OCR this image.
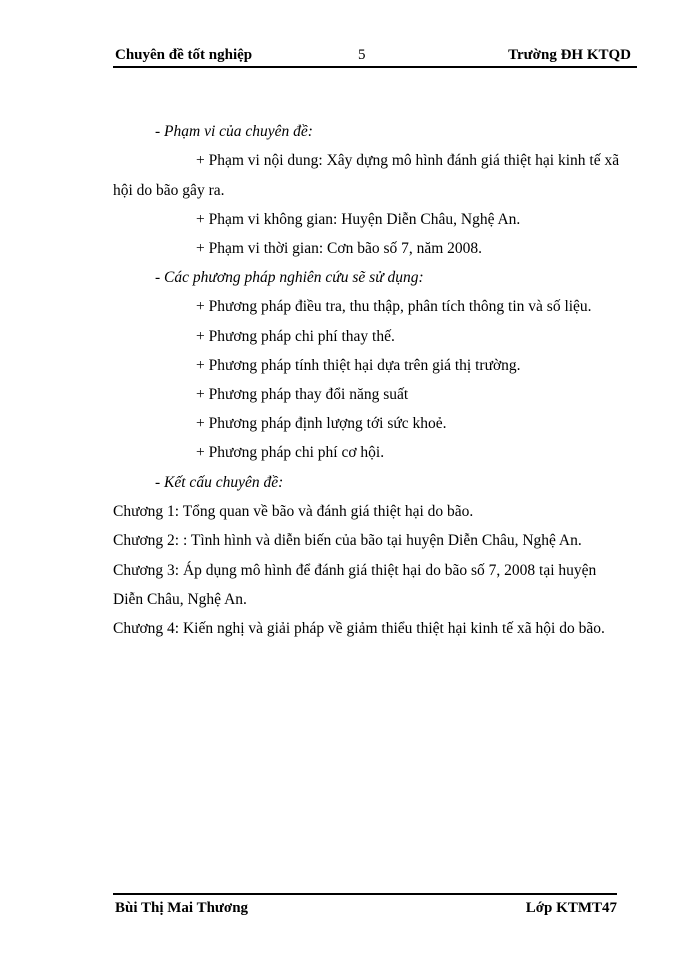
Chuyên đề tốt nghiệp	5	Trường ĐH KTQD
- Phạm vi của chuyên đề:
+ Phạm vi nội dung: Xây dựng mô hình đánh giá thiệt hại kinh tế xã
hội do bão gây ra.
+ Phạm vi không gian: Huyện Diễn Châu, Nghệ An.
+ Phạm vi thời gian: Cơn bão số 7, năm 2008.
- Các phương pháp nghiên cứu sẽ sử dụng:
+ Phương pháp điều tra, thu thập, phân tích thông tin và số liệu.
+ Phương pháp chi phí thay thế.
+ Phương pháp tính thiệt hại dựa trên giá thị trường.
+ Phương pháp thay đổi năng suất
+ Phương pháp định lượng tới sức khoẻ.
+ Phương pháp chi phí cơ hội.
- Kết cấu chuyên đề:
Chương 1: Tổng quan về bão và đánh giá thiệt hại do bão.
Chương 2: : Tình hình và diễn biến của bão tại huyện Diễn Châu, Nghệ An.
Chương 3: Áp dụng mô hình để đánh giá thiệt hại do bão số 7, 2008 tại huyện
Diễn Châu, Nghệ An.
Chương 4: Kiến nghị và giải pháp về giảm thiểu thiệt hại kinh tế xã hội do bão.
Bùi Thị Mai Thương	Lớp KTMT47
